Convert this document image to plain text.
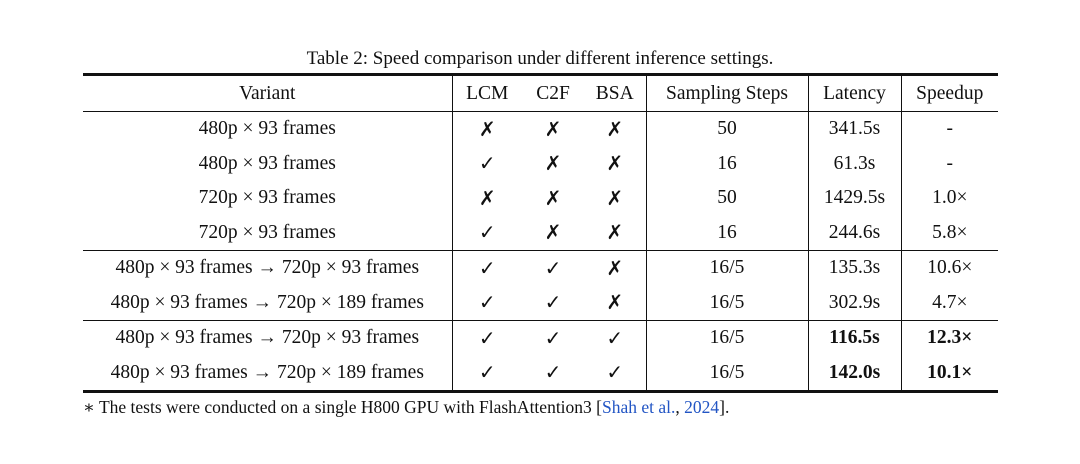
Table 2: Speed comparison under different inference settings.
Variant	LCM	C2F	BSA	Sampling Steps	Latency	Speedup
480p × 93 frames	✗	✗	✗	50	341.5s	-
480p × 93 frames	✓	✗	✗	16	61.3s	-
720p × 93 frames	✗	✗	✗	50	1429.5s	1.0×
720p × 93 frames	✓	✗	✗	16	244.6s	5.8×
480p × 93 frames → 720p × 93 frames	✓	✓	✗	16/5	135.3s	10.6×
480p × 93 frames → 720p × 189 frames	✓	✓	✗	16/5	302.9s	4.7×
480p × 93 frames → 720p × 93 frames	✓	✓	✓	16/5	116.5s	12.3×
480p × 93 frames → 720p × 189 frames	✓	✓	✓	16/5	142.0s	10.1×
∗ The tests were conducted on a single H800 GPU with FlashAttention3 [Shah et al., 2024].
